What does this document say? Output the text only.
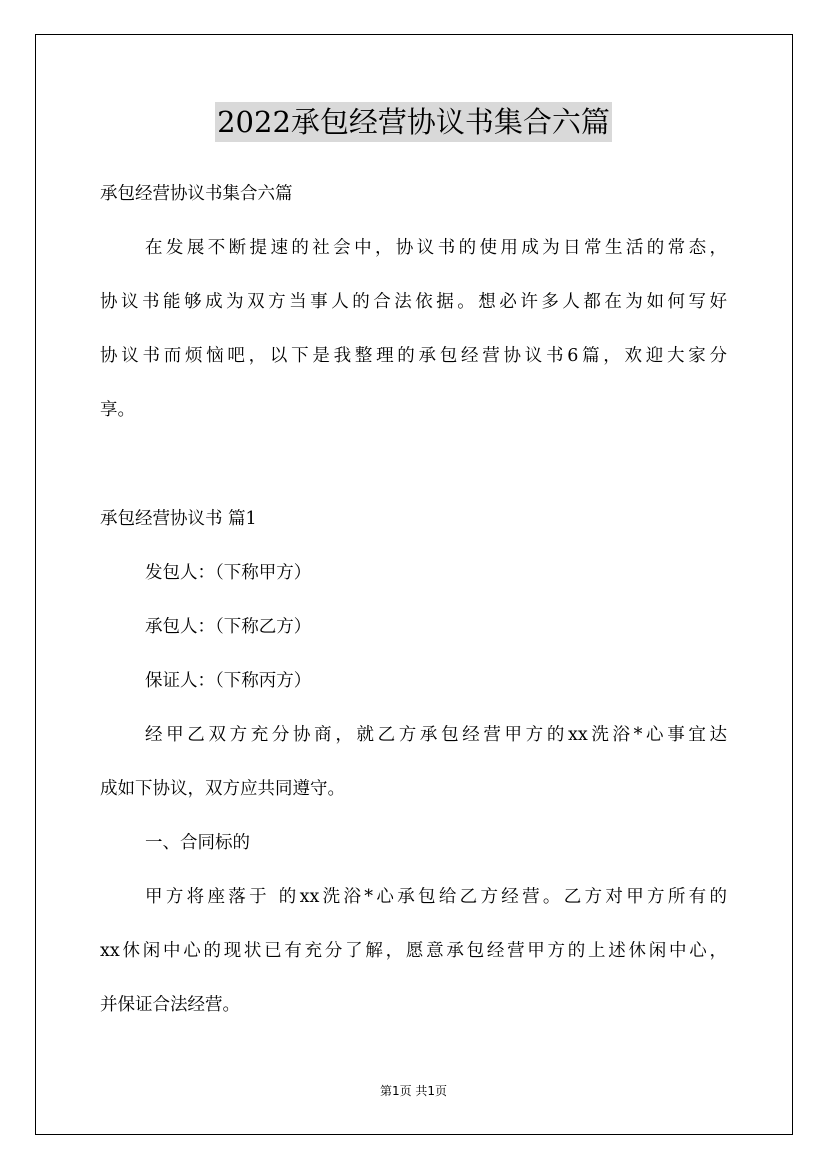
2022承包经营协议书集合六篇
承包经营协议书集合六篇
在发展不断提速的社会中，协议书的使用成为日常生活的常态，
协议书能够成为双方当事人的合法依据。想必许多人都在为如何写好
协议书而烦恼吧，以下是我整理的承包经营协议书6篇，欢迎大家分
享。
承包经营协议书 篇1
发包人：（下称甲方）
承包人：（下称乙方）
保证人：（下称丙方）
经甲乙双方充分协商，就乙方承包经营甲方的xx洗浴*心事宜达
成如下协议，双方应共同遵守。
一、合同标的
甲方将座落于 的xx洗浴*心承包给乙方经营。乙方对甲方所有的
xx休闲中心的现状已有充分了解，愿意承包经营甲方的上述休闲中心，
并保证合法经营。
第1页 共1页
